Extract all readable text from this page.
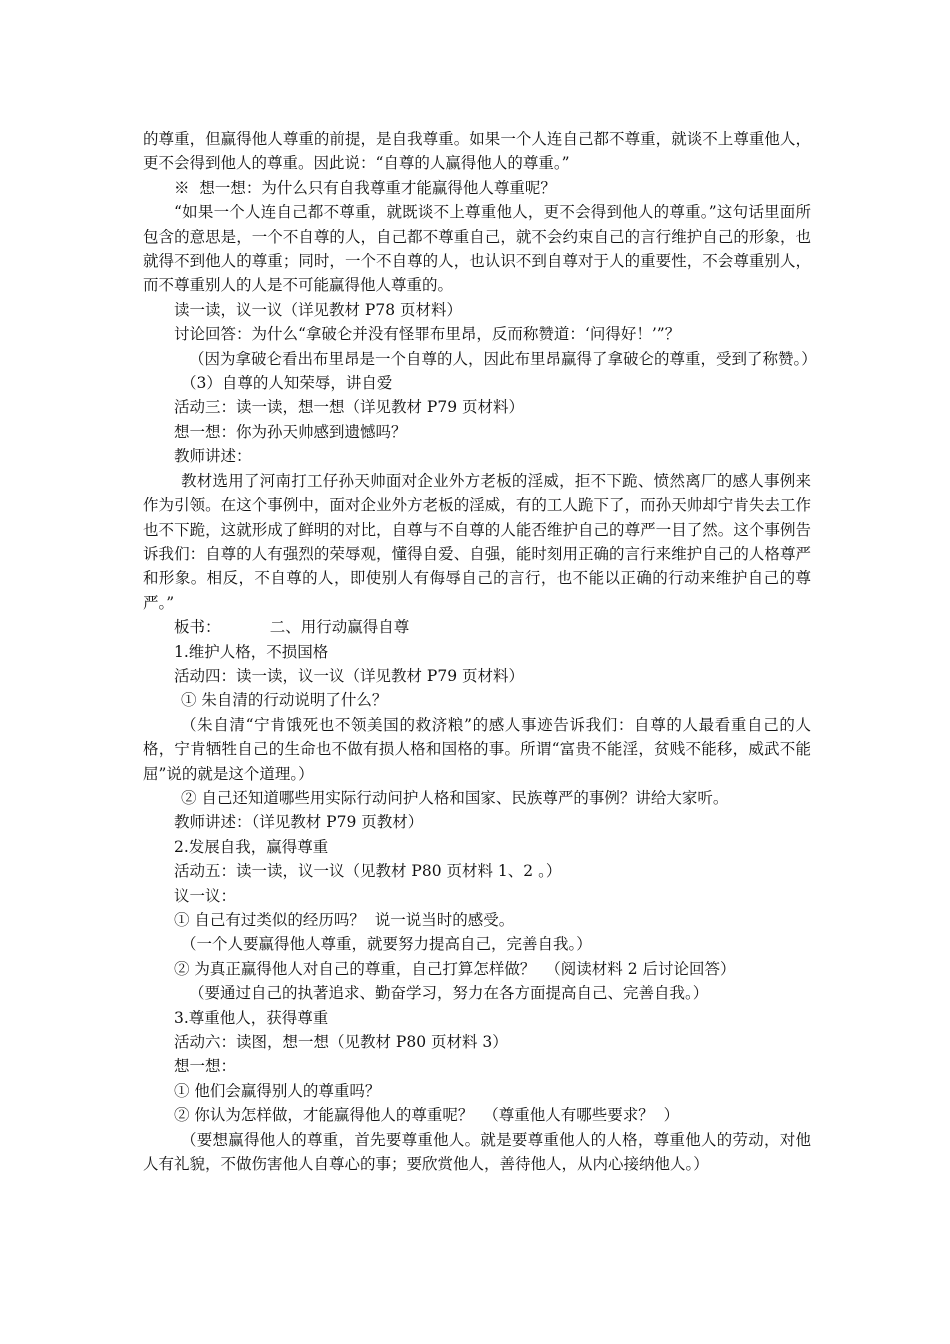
的尊重，但赢得他人尊重的前提，是自我尊重。如果一个人连自己都不尊重，就谈不上尊重他人，更不会得到他人的尊重。因此说：“自尊的人赢得他人的尊重。”

※  想一想：为什么只有自我尊重才能赢得他人尊重呢？

“如果一个人连自己都不尊重，就既谈不上尊重他人，更不会得到他人的尊重。”这句话里面所包含的意思是，一个不自尊的人，自己都不尊重自己，就不会约束自己的言行维护自己的形象，也就得不到他人的尊重；同时，一个不自尊的人，也认识不到自尊对于人的重要性，不会尊重别人，而不尊重别人的人是不可能赢得他人尊重的。

读一读，议一议（详见教材 P78 页材料）

讨论回答：为什么“拿破仑并没有怪罪布里昂，反而称赞道：‘问得好！’”？

（因为拿破仑看出布里昂是一个自尊的人，因此布里昂赢得了拿破仑的尊重，受到了称赞。）

（3）自尊的人知荣辱，讲自爱

活动三：读一读，想一想（详见教材 P79 页材料）

想一想：你为孙天帅感到遗憾吗？

教师讲述：

教材选用了河南打工仔孙天帅面对企业外方老板的淫威，拒不下跪、愤然离厂的感人事例来作为引领。在这个事例中，面对企业外方老板的淫威，有的工人跪下了，而孙天帅却宁肯失去工作也不下跪，这就形成了鲜明的对比，自尊与不自尊的人能否维护自己的尊严一目了然。这个事例告诉我们：自尊的人有强烈的荣辱观，懂得自爱、自强，能时刻用正确的言行来维护自己的人格尊严和形象。相反，不自尊的人，即使别人有侮辱自己的言行，也不能以正确的行动来维护自己的尊严。”

板书：          二、用行动赢得自尊

1.维护人格，不损国格

活动四：读一读，议一议（详见教材 P79 页材料）

① 朱自清的行动说明了什么？

（朱自清“宁肯饿死也不领美国的救济粮”的感人事迹告诉我们：自尊的人最看重自己的人格，宁肯牺牲自己的生命也不做有损人格和国格的事。所谓“富贵不能淫，贫贱不能移，威武不能屈”说的就是这个道理。）

② 自己还知道哪些用实际行动问护人格和国家、民族尊严的事例？讲给大家听。

教师讲述：（详见教材 P79 页教材）

2.发展自我，赢得尊重

活动五：读一读，议一议（见教材 P80 页材料 1、2 。）

议一议：

① 自己有过类似的经历吗？  说一说当时的感受。

（一个人要赢得他人尊重，就要努力提高自己，完善自我。）

② 为真正赢得他人对自己的尊重，自己打算怎样做？  （阅读材料 2 后讨论回答）

（要通过自己的执著追求、勤奋学习，努力在各方面提高自己、完善自我。）

3.尊重他人，获得尊重

活动六：读图，想一想（见教材 P80 页材料 3）

想一想：

① 他们会赢得别人的尊重吗？

② 你认为怎样做，才能赢得他人的尊重呢？  （尊重他人有哪些要求？  ）

（要想赢得他人的尊重，首先要尊重他人。就是要尊重他人的人格，尊重他人的劳动，对他人有礼貌，不做伤害他人自尊心的事；要欣赏他人，善待他人，从内心接纳他人。）
